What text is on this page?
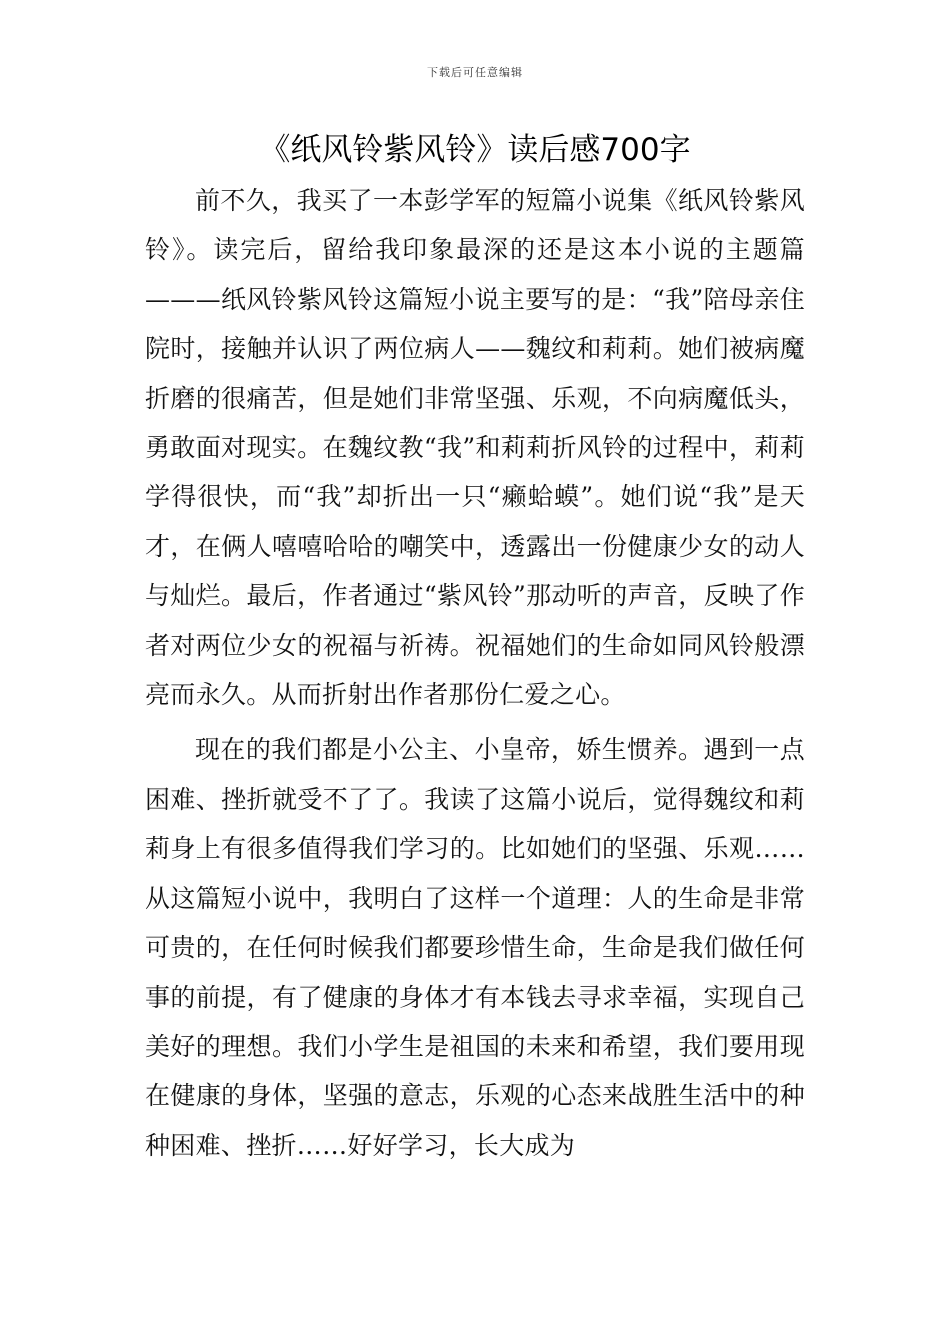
下载后可任意编辑
《纸风铃紫风铃》读后感700字

前不久，我买了一本彭学军的短篇小说集《纸风铃紫风铃》。读完后，留给我印象最深的还是这本小说的主题篇———纸风铃紫风铃这篇短小说主要写的是：“我”陪母亲住院时，接触并认识了两位病人——魏纹和莉莉。她们被病魔折磨的很痛苦，但是她们非常坚强、乐观，不向病魔低头，勇敢面对现实。在魏纹教“我”和莉莉折风铃的过程中，莉莉学得很快，而“我”却折出一只“癞蛤蟆”。她们说“我”是天才，在俩人嘻嘻哈哈的嘲笑中，透露出一份健康少女的动人与灿烂。最后，作者通过“紫风铃”那动听的声音，反映了作者对两位少女的祝福与祈祷。祝福她们的生命如同风铃般漂亮而永久。从而折射出作者那份仁爱之心。

现在的我们都是小公主、小皇帝，娇生惯养。遇到一点困难、挫折就受不了了。我读了这篇小说后，觉得魏纹和莉莉身上有很多值得我们学习的。比如她们的坚强、乐观……从这篇短小说中，我明白了这样一个道理：人的生命是非常可贵的，在任何时候我们都要珍惜生命，生命是我们做任何事的前提，有了健康的身体才有本钱去寻求幸福，实现自己美好的理想。我们小学生是祖国的未来和希望，我们要用现在健康的身体，坚强的意志，乐观的心态来战胜生活中的种种困难、挫折……好好学习，长大成为
